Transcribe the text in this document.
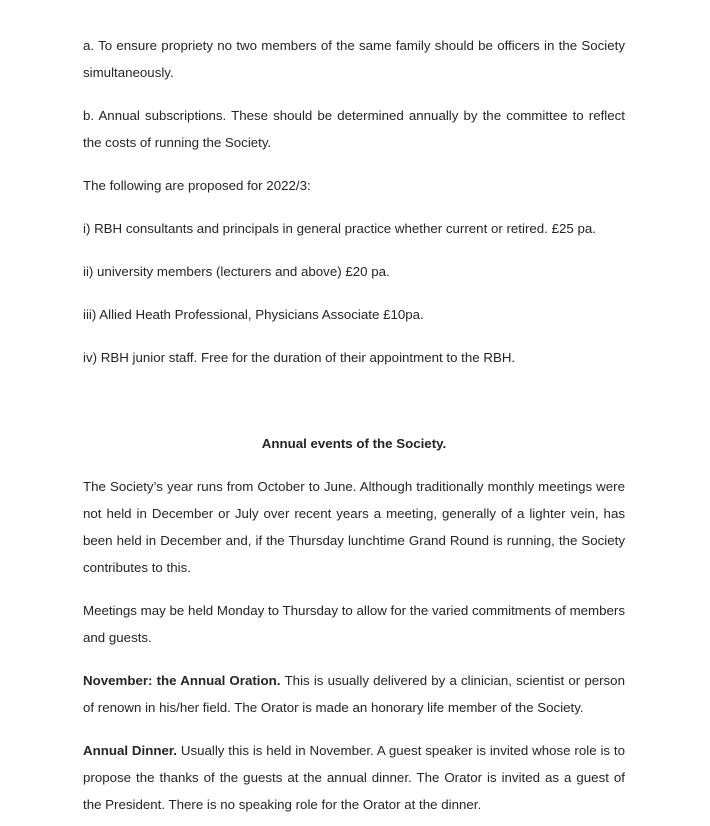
a. To ensure propriety no two members of the same family should be officers in the Society simultaneously.

b. Annual subscriptions. These should be determined annually by the committee to reflect the costs of running the Society.

The following are proposed for 2022/3:

i) RBH consultants and principals in general practice whether current or retired. £25 pa.

ii) university members (lecturers and above) £20 pa.

iii) Allied Heath Professional, Physicians Associate £10pa.

iv) RBH junior staff. Free for the duration of their appointment to the RBH.

Annual events of the Society.

The Society’s year runs from October to June. Although traditionally monthly meetings were not held in December or July over recent years a meeting, generally of a lighter vein, has been held in December and, if the Thursday lunchtime Grand Round is running, the Society contributes to this.

Meetings may be held Monday to Thursday to allow for the varied commitments of members and guests.

November: the Annual Oration. This is usually delivered by a clinician, scientist or person of renown in his/her field. The Orator is made an honorary life member of the Society.

Annual Dinner. Usually this is held in November. A guest speaker is invited whose role is to propose the thanks of the guests at the annual dinner. The Orator is invited as a guest of the President. There is no speaking role for the Orator at the dinner.
